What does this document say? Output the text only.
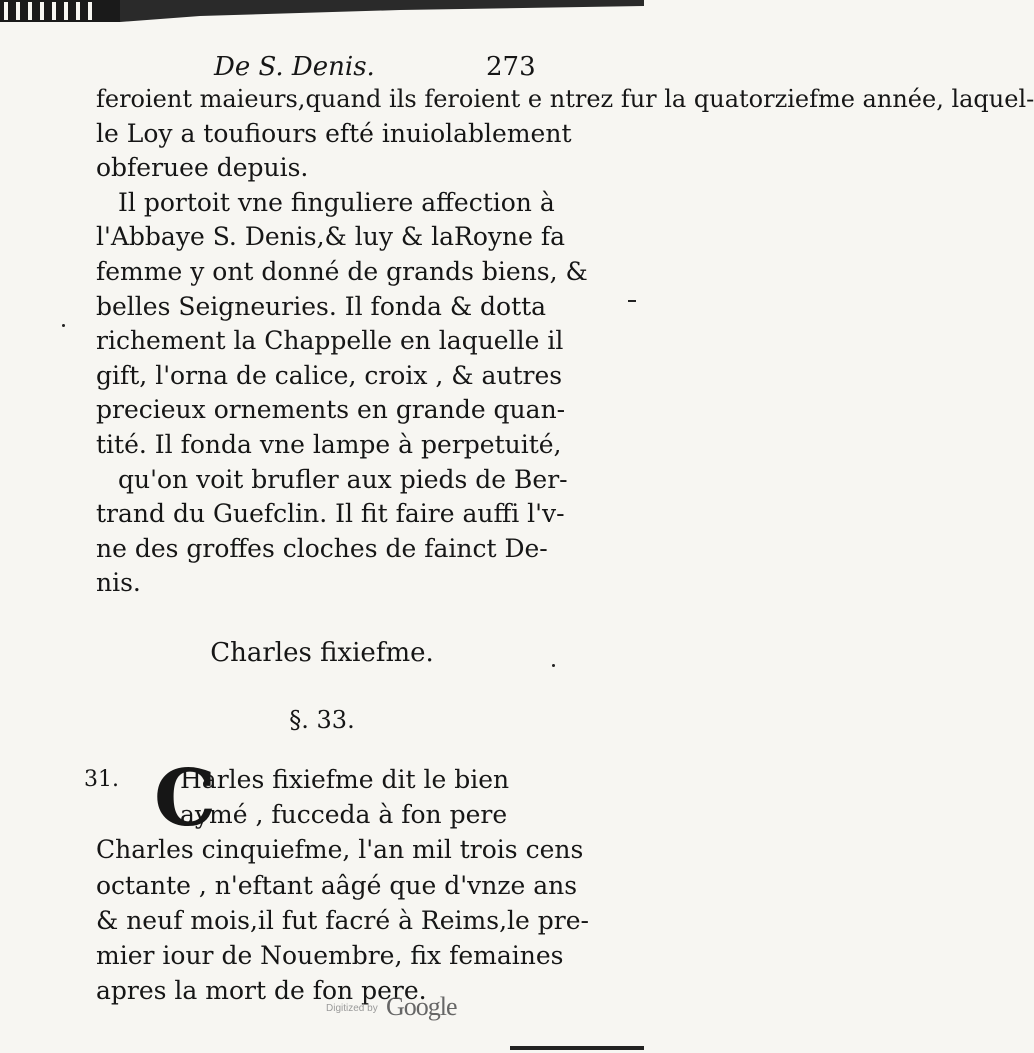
De S. Denis.	273
feroient maieurs,quand ils feroient e ntrez fur la quatorziefme année, laquel-
le Loy a toufiours efté inuiolablement
obferuee depuis.
Il portoit vne finguliere affection à
l'Abbaye S. Denis,& luy & laRoyne fa
femme y ont donné de grands biens, &
belles Seigneuries. Il fonda & dotta
richement la Chappelle en laquelle il
gift, l'orna de calice, croix , & autres
precieux ornements en grande quan-
tité. Il fonda vne lampe à perpetuité,
qu'on voit brufler aux pieds de Ber-
trand du Guefclin. Il fit faire auffi l'v-
ne des groffes cloches de fainct De-
nis.
Charles fixiefme.
§. 33.
31. C
Harles fixiefme dit le bien
aymé , fucceda à fon pere
Charles cinquiefme, l'an mil trois cens
octante , n'eftant aâgé que d'vnze ans
& neuf mois,il fut facré à Reims,le pre-
mier iour de Nouembre, fix femaines
apres la mort de fon pere.
Digitized by Google
